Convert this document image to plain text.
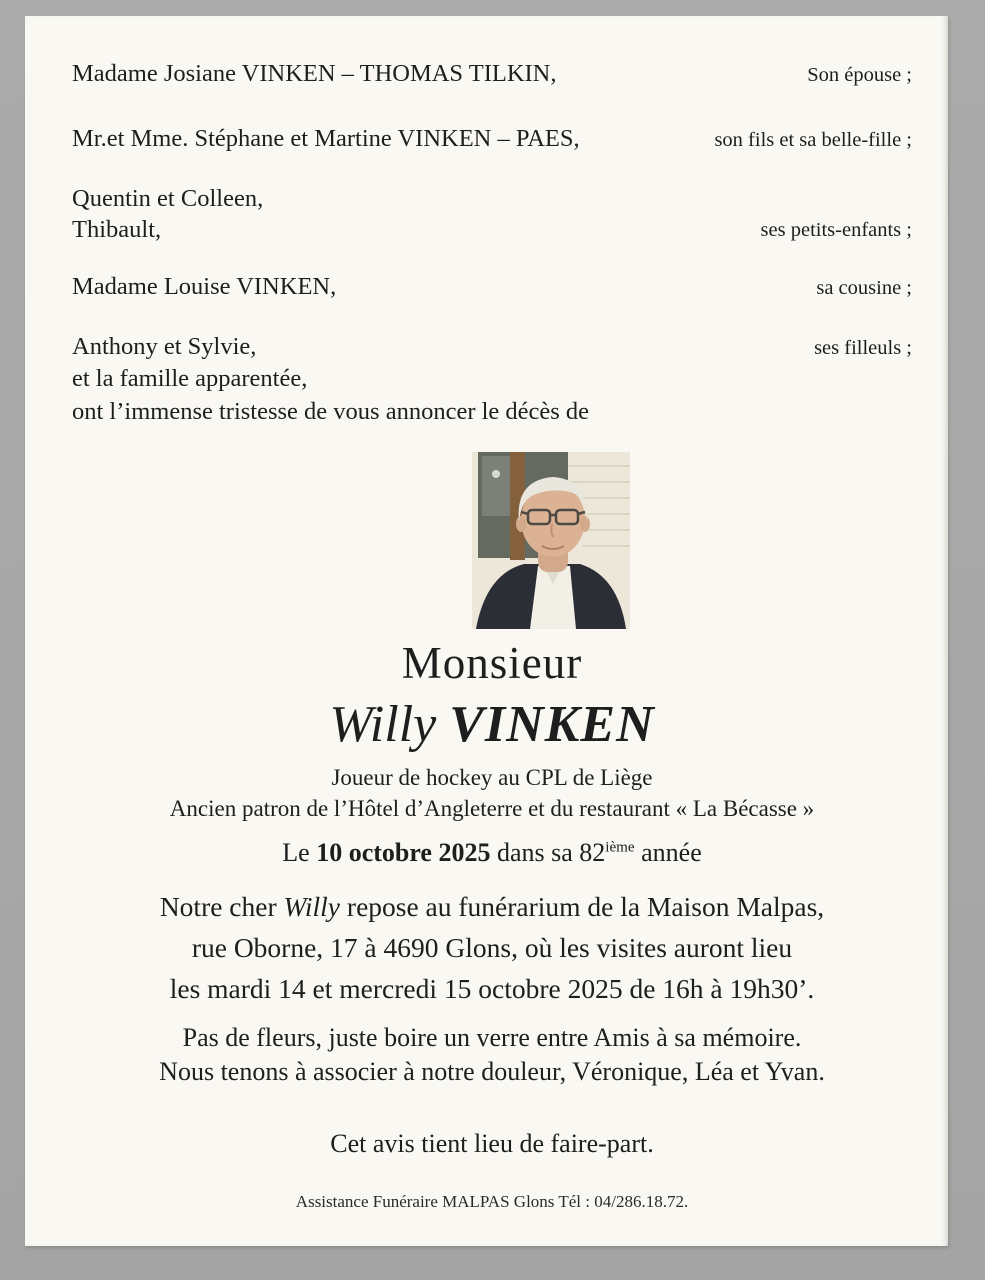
Madame Josiane VINKEN – THOMAS TILKIN,	Son épouse ;
Mr.et Mme. Stéphane et Martine VINKEN – PAES,	son fils et sa belle-fille ;
Quentin et Colleen,
Thibault,	ses petits-enfants ;
Madame Louise VINKEN,	sa cousine ;
Anthony et Sylvie,	ses filleuls ;
et la famille apparentée,
ont l’immense tristesse de vous annoncer le décès de
Monsieur
Willy VINKEN
Joueur de hockey au CPL de Liège
Ancien patron de l’Hôtel d’Angleterre et du restaurant « La Bécasse »
Le 10 octobre 2025 dans sa 82ième année
Notre cher Willy repose au funérarium de la Maison Malpas,
rue Oborne, 17 à 4690 Glons, où les visites auront lieu
les mardi 14 et mercredi 15 octobre 2025 de 16h à 19h30’.
Pas de fleurs, juste boire un verre entre Amis à sa mémoire.
Nous tenons à associer à notre douleur, Véronique, Léa et Yvan.
Cet avis tient lieu de faire-part.
Assistance Funéraire MALPAS Glons Tél : 04/286.18.72.
